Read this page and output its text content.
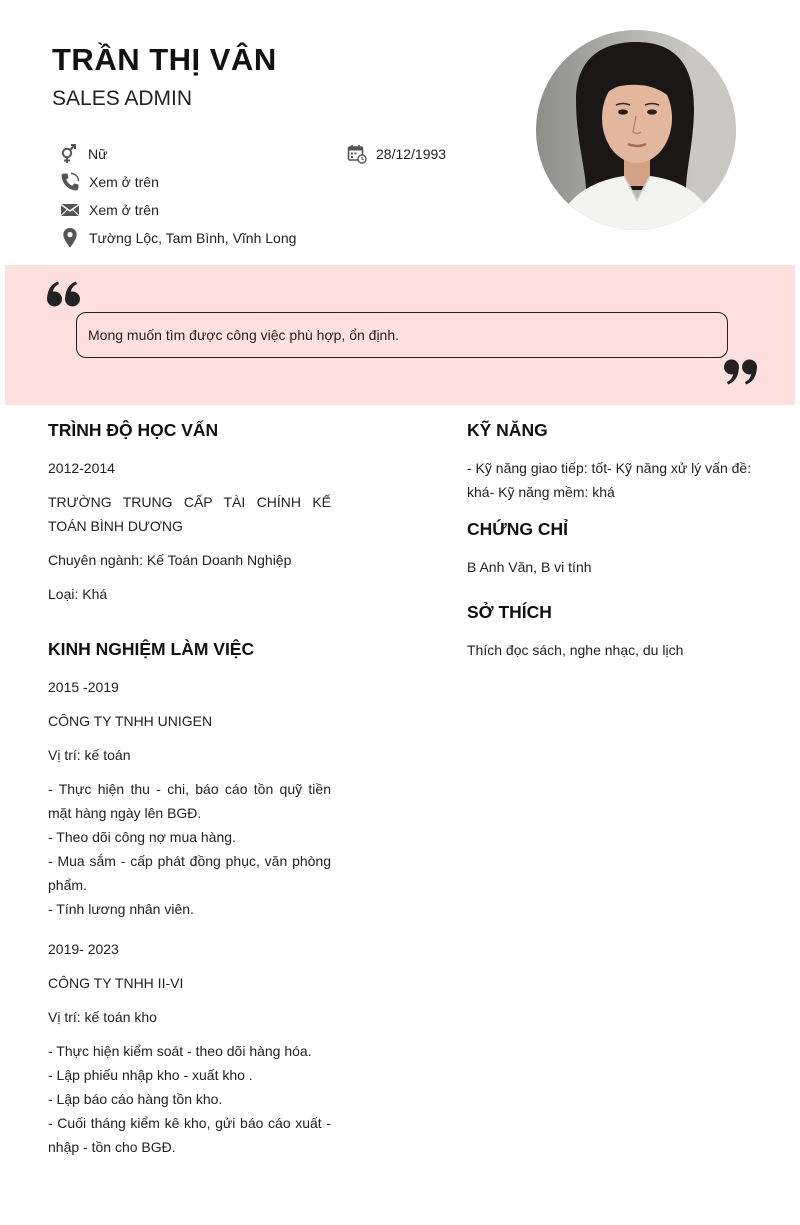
TRẦN THỊ VÂN
SALES ADMIN
Nữ	28/12/1993
Xem ở trên
Xem ở trên
Tường Lộc, Tam Bình, Vĩnh Long
Mong muốn tìm được công việc phù hợp, ổn định.
TRÌNH ĐỘ HỌC VẤN
2012-2014
TRƯỜNG TRUNG CẤP TÀI CHÍNH KẾ TOÁN BÌNH DƯƠNG
Chuyên ngành: Kế Toán Doanh Nghiệp
Loại: Khá
KINH NGHIỆM LÀM VIỆC
2015 -2019
CÔNG TY TNHH UNIGEN
Vị trí: kế toán
- Thực hiện thu - chi, báo cáo tồn quỹ tiền mặt hàng ngày lên BGĐ.
- Theo dõi công nợ mua hàng.
- Mua sắm - cấp phát đồng phục, văn phòng phẩm.
- Tính lương nhân viên.
2019- 2023
CÔNG TY TNHH II-VI
Vị trí: kế toán kho
- Thực hiện kiểm soát - theo dõi hàng hóa.
- Lập phiếu nhập kho - xuất kho .
- Lập báo cáo hàng tồn kho.
- Cuối tháng kiểm kê kho, gửi báo cáo xuất - nhập - tồn cho BGĐ.
KỸ NĂNG
- Kỹ năng giao tiếp: tốt- Kỹ năng xử lý vấn đề: khá- Kỹ năng mềm: khá
CHỨNG CHỈ
B Anh Văn, B vi tính
SỞ THÍCH
Thích đọc sách, nghe nhạc, du lịch
